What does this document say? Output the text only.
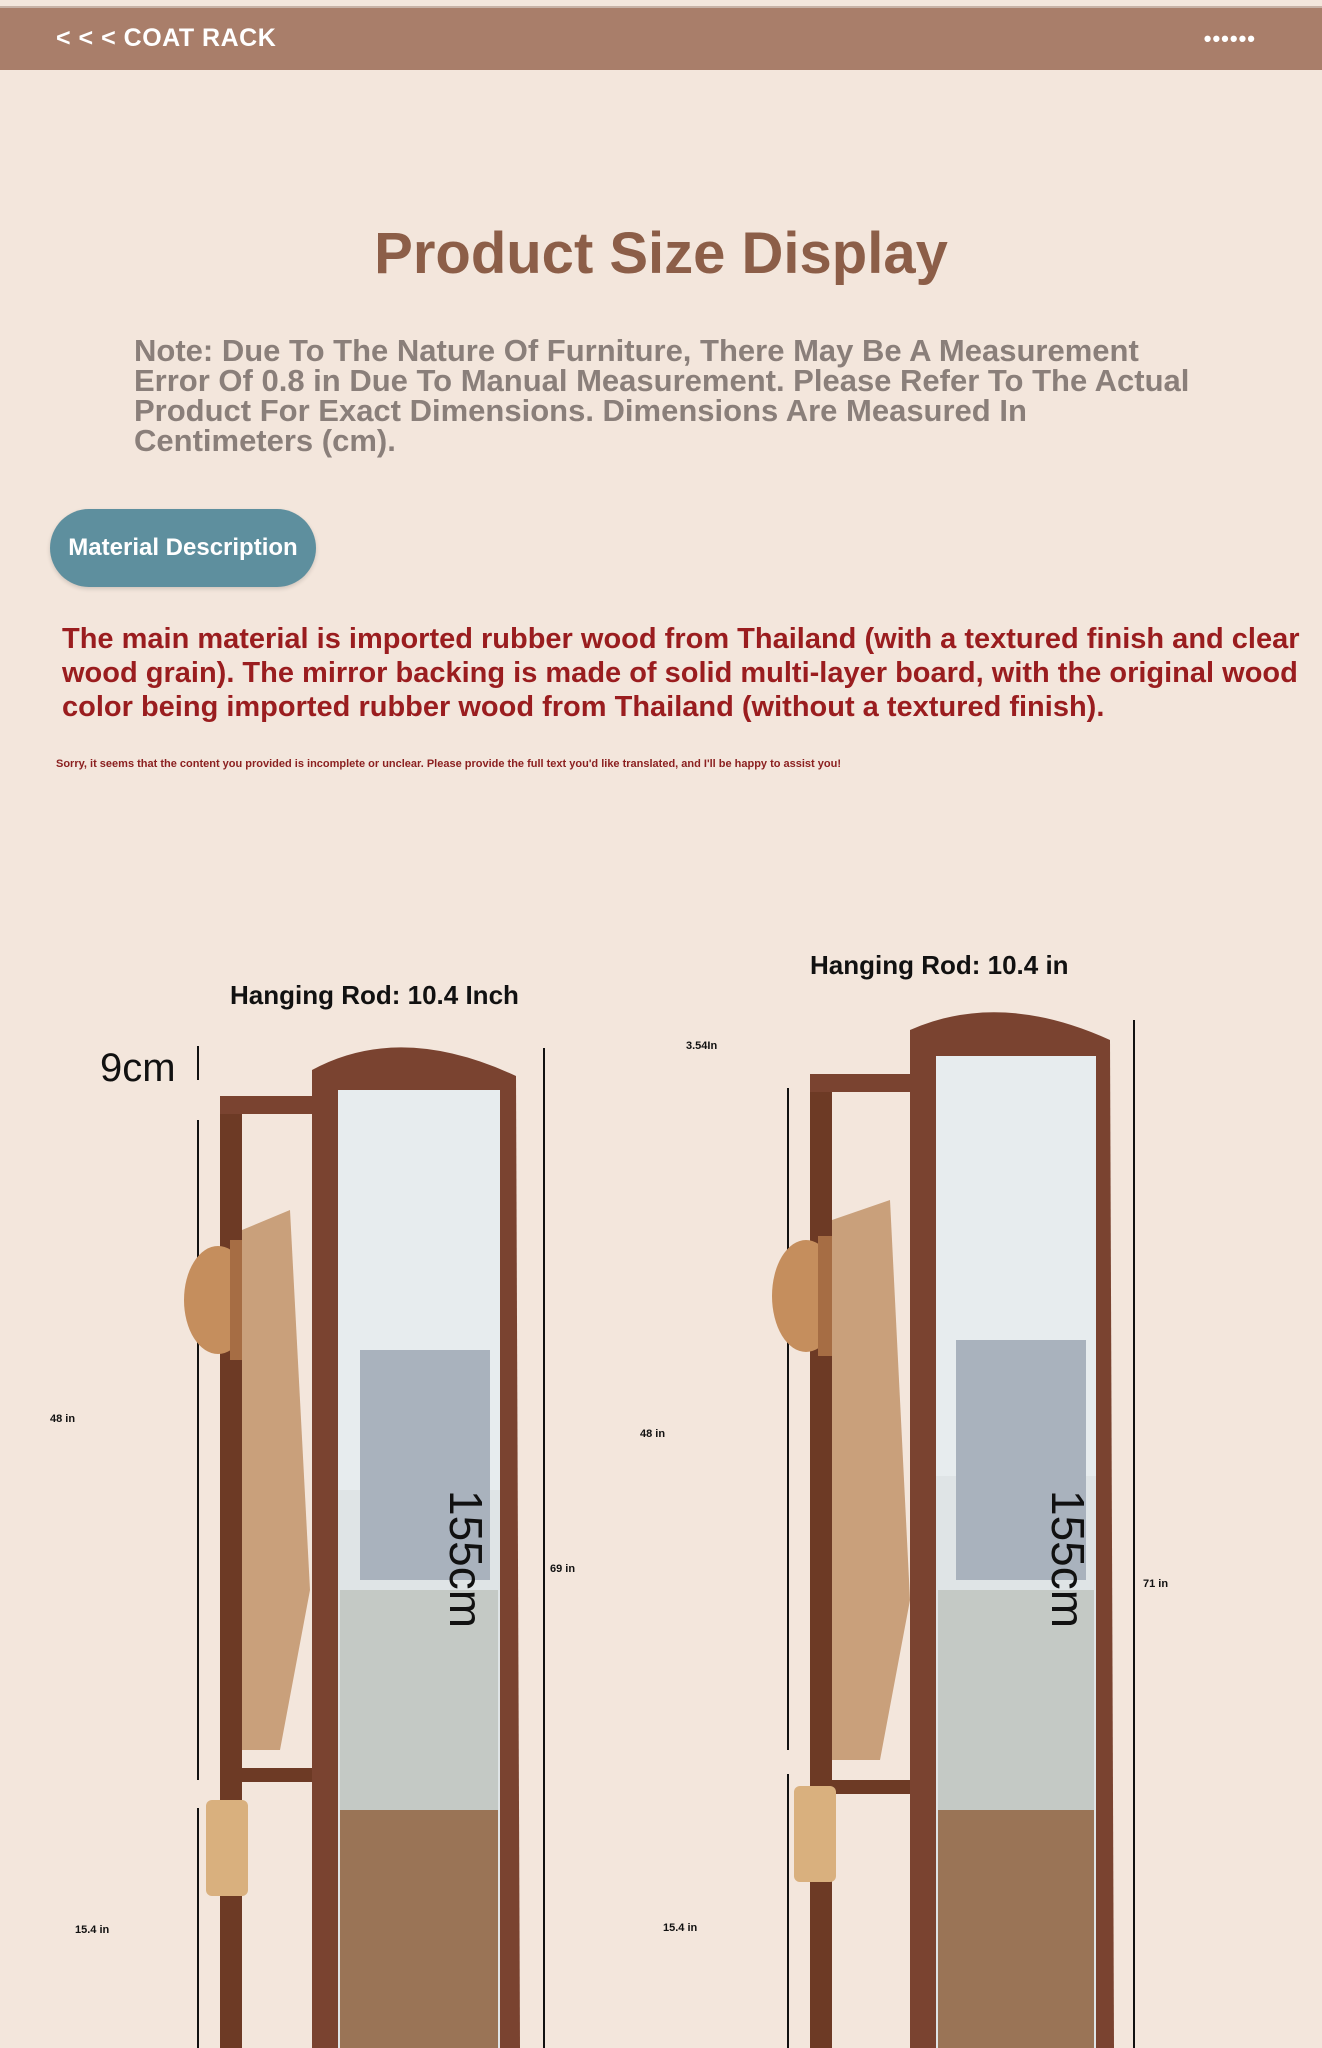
< < < COAT RACK	••••••
Product Size Display
Note: Due To The Nature Of Furniture, There May Be A Measurement Error Of 0.8 in Due To Manual Measurement. Please Refer To The Actual Product For Exact Dimensions. Dimensions Are Measured In Centimeters (cm).
Material Description
The main material is imported rubber wood from Thailand (with a textured finish and clear wood grain). The mirror backing is made of solid multi-layer board, with the original wood color being imported rubber wood from Thailand (without a textured finish).
Sorry, it seems that the content you provided is incomplete or unclear. Please provide the full text you'd like translated, and I'll be happy to assist you!
Hanging Rod: 10.4 Inch
9cm
48 in
69 in
15.4 in
155cm
Hanging Rod: 10.4 in
3.54In
48 in
71 in
15.4 in
155cm
